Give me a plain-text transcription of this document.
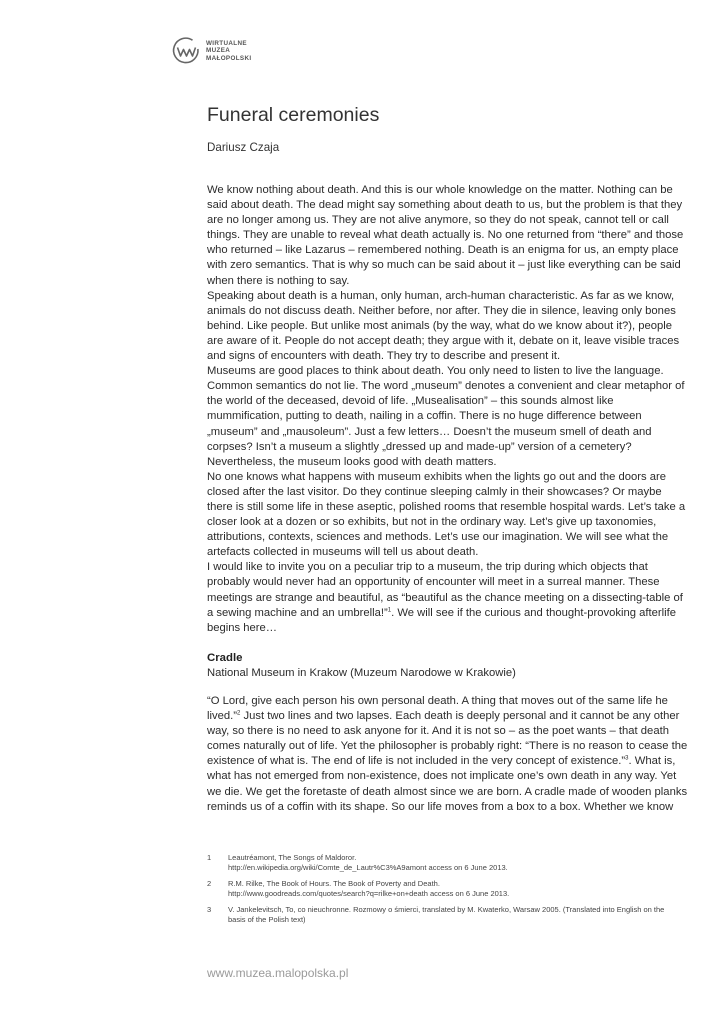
WIRTUALNE
MUZEA
MAŁOPOLSKI
Funeral ceremonies
Dariusz Czaja

We know nothing about death. And this is our whole knowledge on the matter. Nothing can be said about death. The dead might say something about death to us, but the problem is that they are no longer among us. They are not alive anymore, so they do not speak, cannot tell or call things. They are unable to reveal what death actually is. No one returned from “there” and those who returned – like Lazarus – remembered nothing. Death is an enigma for us, an empty place with zero semantics. That is why so much can be said about it – just like everything can be said when there is nothing to say.

Speaking about death is a human, only human, arch-human characteristic. As far as we know, animals do not discuss death. Neither before, nor after. They die in silence, leaving only bones behind. Like people. But unlike most animals (by the way, what do we know about it?), people are aware of it. People do not accept death; they argue with it, debate on it, leave visible traces and signs of encounters with death. They try to describe and present it.

Museums are good places to think about death. You only need to listen to live the language. Common semantics do not lie. The word „museum” denotes a convenient and clear metaphor of the world of the deceased, devoid of life. „Musealisation” – this sounds almost like mummification, putting to death, nailing in a coffin. There is no huge difference between „museum” and „mausoleum”. Just a few letters… Doesn’t the museum smell of death and corpses? Isn’t a museum a slightly „dressed up and made-up” version of a cemetery? Nevertheless, the museum looks good with death matters.

No one knows what happens with museum exhibits when the lights go out and the doors are closed after the last visitor. Do they continue sleeping calmly in their showcases? Or maybe there is still some life in these aseptic, polished rooms that resemble hospital wards. Let’s take a closer look at a dozen or so exhibits, but not in the ordinary way. Let’s give up taxonomies, attributions, contexts, sciences and methods. Let’s use our imagination. We will see what the artefacts collected in museums will tell us about death.

I would like to invite you on a peculiar trip to a museum, the trip during which objects that probably would never had an opportunity of encounter will meet in a surreal manner. These meetings are strange and beautiful, as “beautiful as the chance meeting on a dissecting-table of a sewing machine and an umbrella!”$^1$. We will see if the curious and thought-provoking afterlife begins here…

Cradle
National Museum in Krakow (Muzeum Narodowe w Krakowie)

“O Lord, give each person his own personal death. A thing that moves out of the same life he lived.”$^2$ Just two lines and two lapses. Each death is deeply personal and it cannot be any other way, so there is no need to ask anyone for it. And it is not so – as the poet wants – that death comes naturally out of life. Yet the philosopher is probably right: “There is no reason to cease the existence of what is. The end of life is not included in the very concept of existence.”$^3$. What is, what has not emerged from non-existence, does not implicate one’s own death in any way. Yet we die. We get the foretaste of death almost since we are born. A cradle made of wooden planks reminds us of a coffin with its shape. So our life moves from a box to a box. Whether we know

1	Leautréamont, The Songs of Maldoror.
http://en.wikipedia.org/wiki/Comte_de_Lautr%C3%A9amont access on 6 June 2013.
2	R.M. Rilke, The Book of Hours. The Book of Poverty and Death.
http://www.goodreads.com/quotes/search?q=rilke+on+death access on 6 June 2013.
3	V. Jankelevitsch, To, co nieuchronne. Rozmowy o śmierci, translated by M. Kwaterko, Warsaw 2005. (Translated into English on the basis of the Polish text)
www.muzea.malopolska.pl
